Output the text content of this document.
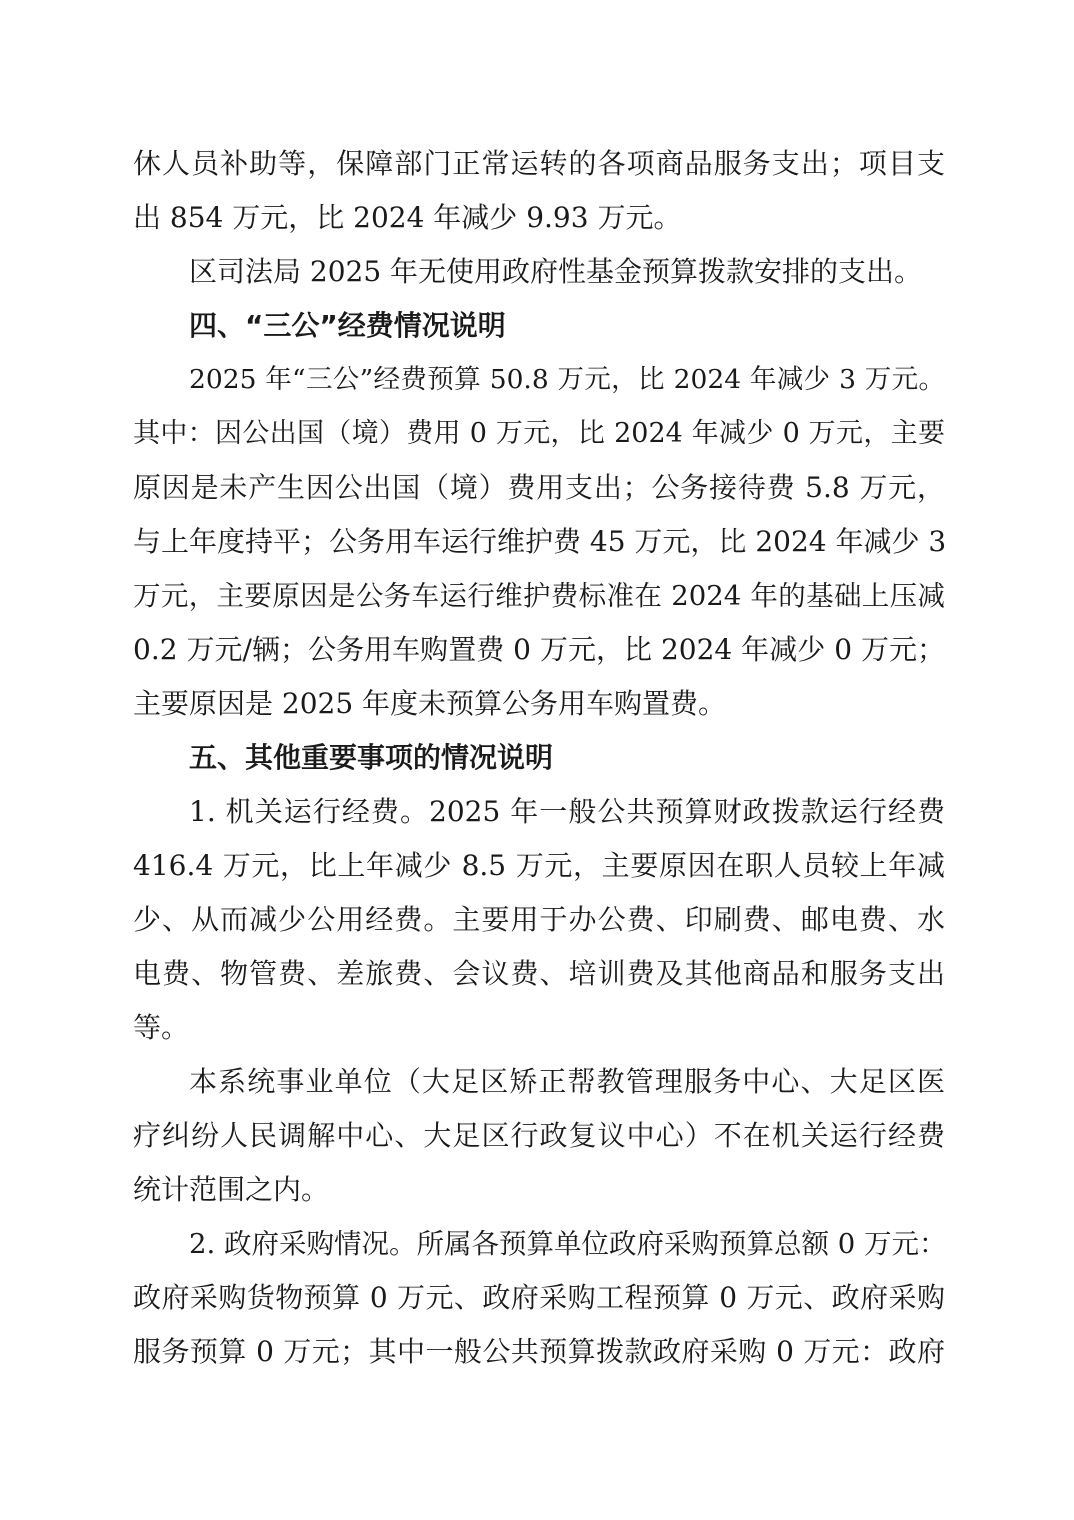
休人员补助等，保障部门正常运转的各项商品服务支出；项目支
出 854 万元，比 2024 年减少 9.93 万元。
区司法局 2025 年无使用政府性基金预算拨款安排的支出。
四、“三公”经费情况说明
2025 年“三公”经费预算 50.8 万元，比 2024 年减少 3 万元。
其中：因公出国（境）费用 0 万元，比 2024 年减少 0 万元，主要
原因是未产生因公出国（境）费用支出；公务接待费 5.8 万元，
与上年度持平；公务用车运行维护费 45 万元，比 2024 年减少 3
万元，主要原因是公务车运行维护费标准在 2024 年的基础上压减
0.2 万元/辆；公务用车购置费 0 万元，比 2024 年减少 0 万元；
主要原因是 2025 年度未预算公务用车购置费。
五、其他重要事项的情况说明
1. 机关运行经费。2025 年一般公共预算财政拨款运行经费
416.4 万元，比上年减少 8.5 万元，主要原因在职人员较上年减
少、从而减少公用经费。主要用于办公费、印刷费、邮电费、水
电费、物管费、差旅费、会议费、培训费及其他商品和服务支出
等。
本系统事业单位（大足区矫正帮教管理服务中心、大足区医
疗纠纷人民调解中心、大足区行政复议中心）不在机关运行经费
统计范围之内。
2. 政府采购情况。所属各预算单位政府采购预算总额 0 万元：
政府采购货物预算 0 万元、政府采购工程预算 0 万元、政府采购
服务预算 0 万元；其中一般公共预算拨款政府采购 0 万元：政府
